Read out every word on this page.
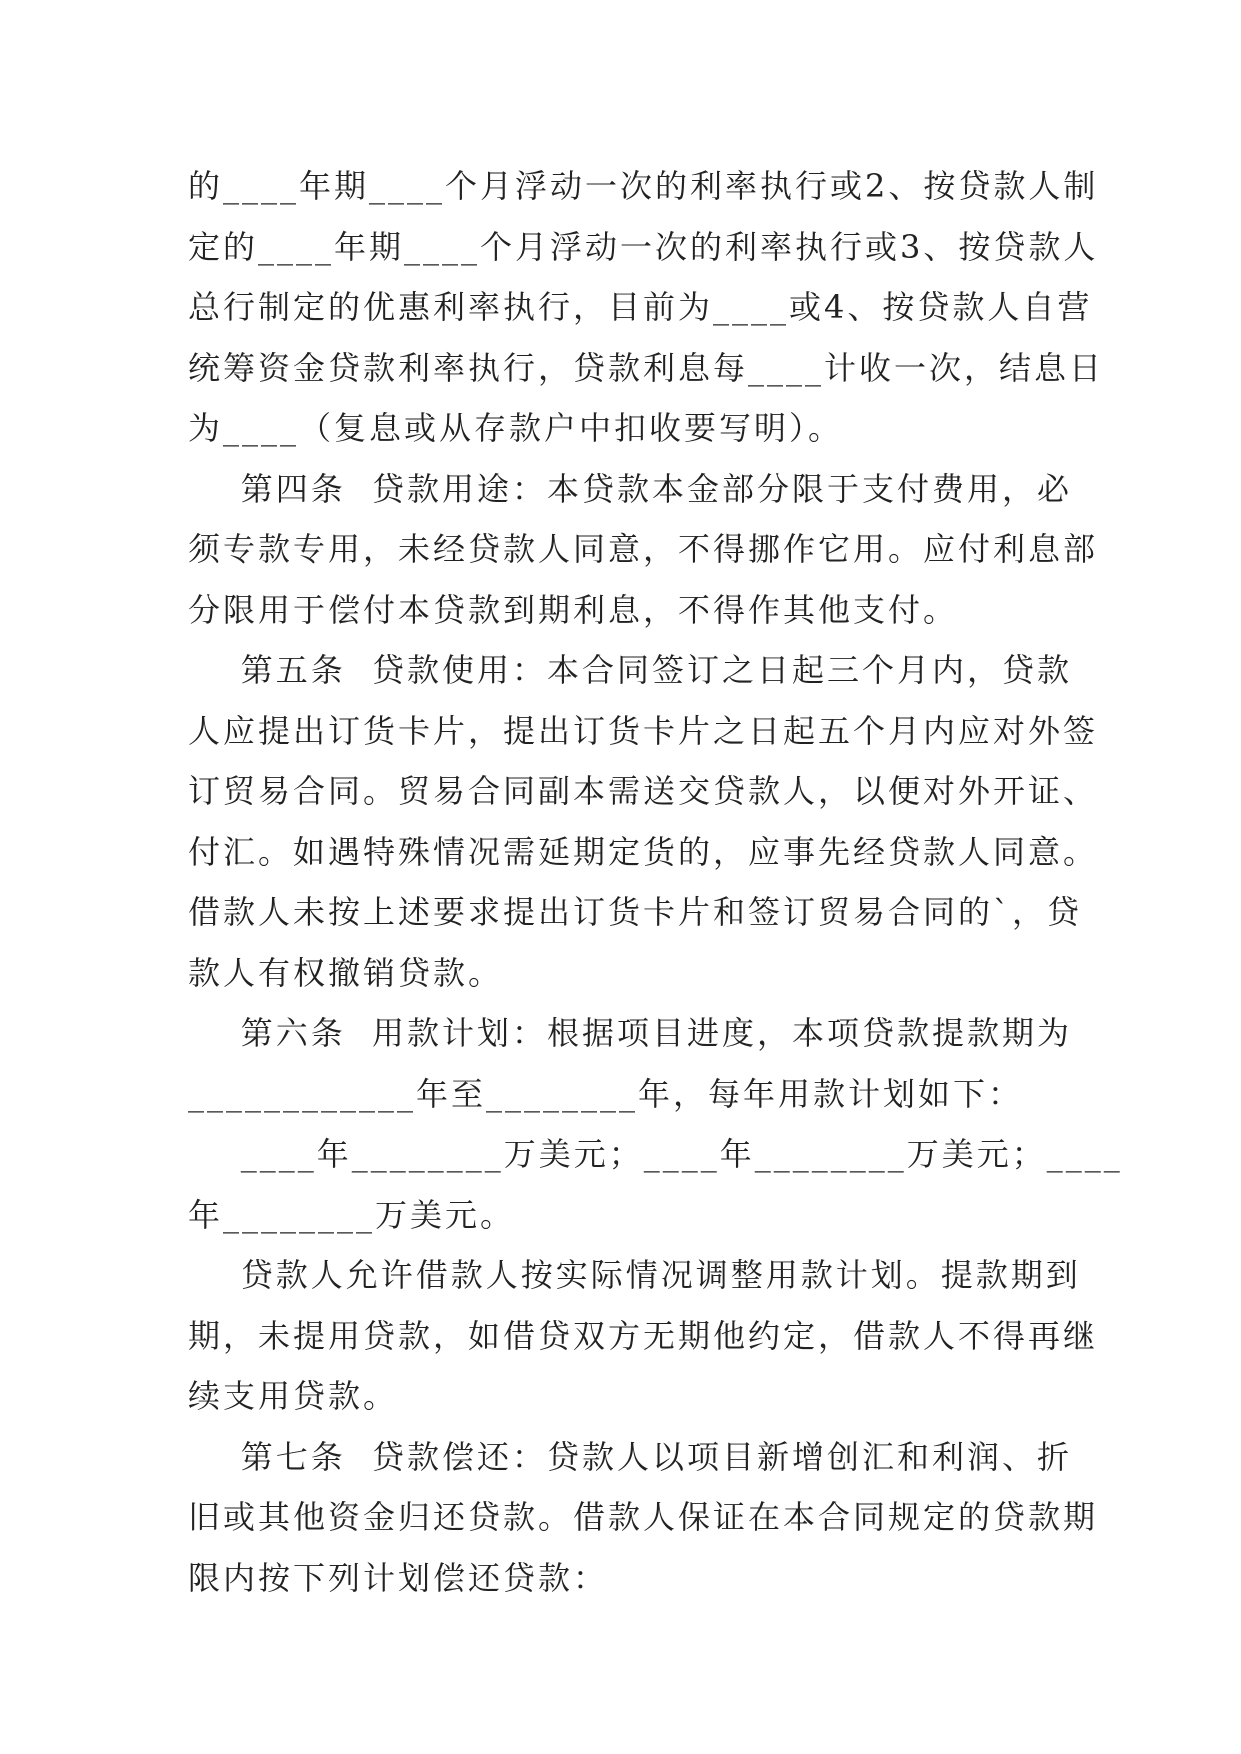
的____年期____个月浮动一次的利率执行或2、按贷款人制
定的____年期____个月浮动一次的利率执行或3、按贷款人
总行制定的优惠利率执行，目前为____或4、按贷款人自营
统筹资金贷款利率执行，贷款利息每____计收一次，结息日
为____（复息或从存款户中扣收要写明）。

第四条  贷款用途：本贷款本金部分限于支付费用，必
须专款专用，未经贷款人同意，不得挪作它用。应付利息部
分限用于偿付本贷款到期利息，不得作其他支付。

第五条  贷款使用：本合同签订之日起三个月内，贷款
人应提出订货卡片，提出订货卡片之日起五个月内应对外签
订贸易合同。贸易合同副本需送交贷款人，以便对外开证、
付汇。如遇特殊情况需延期定货的，应事先经贷款人同意。
借款人未按上述要求提出订货卡片和签订贸易合同的`，贷
款人有权撤销贷款。

第六条  用款计划：根据项目进度，本项贷款提款期为
____________年至________年，每年用款计划如下：

____年________万美元；____年________万美元；____
年________万美元。

贷款人允许借款人按实际情况调整用款计划。提款期到
期，未提用贷款，如借贷双方无期他约定，借款人不得再继
续支用贷款。

第七条  贷款偿还：贷款人以项目新增创汇和利润、折
旧或其他资金归还贷款。借款人保证在本合同规定的贷款期
限内按下列计划偿还贷款：
